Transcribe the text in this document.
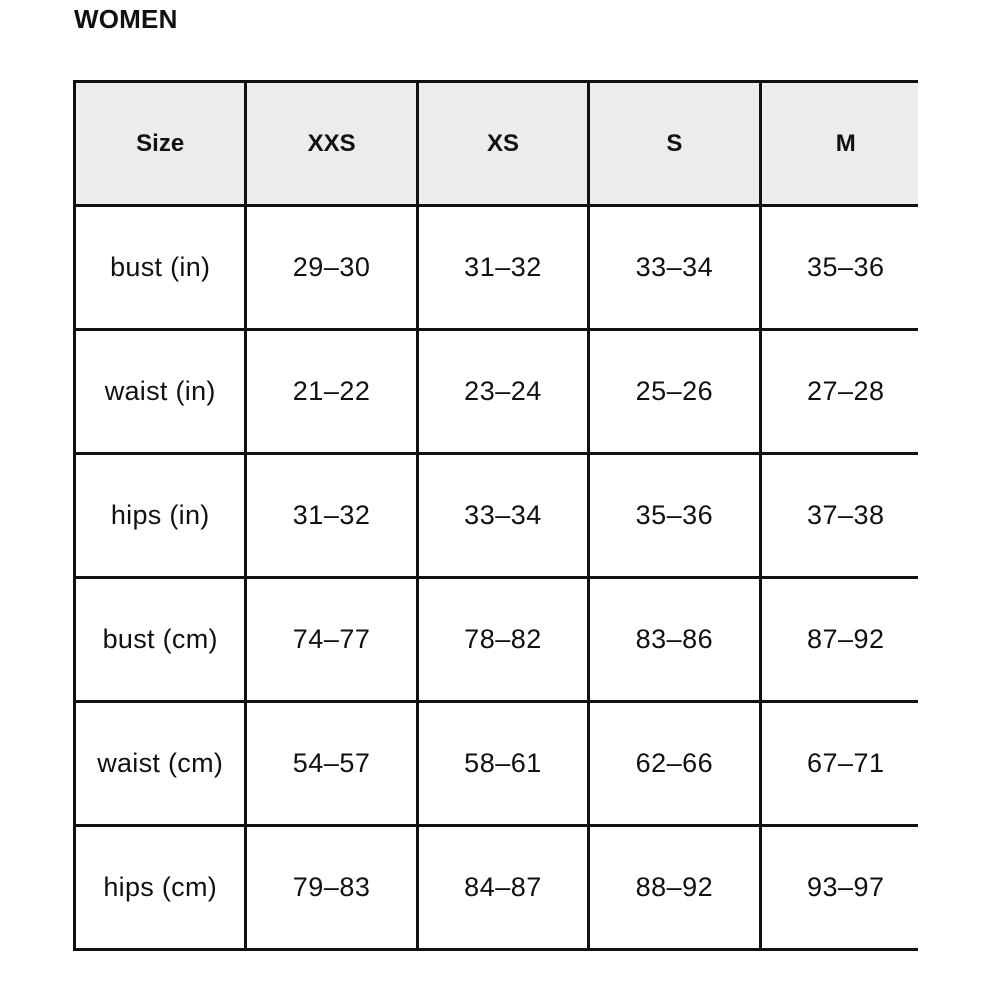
WOMEN
Size	XXS	XS	S	M
bust (in)	29–30	31–32	33–34	35–36
waist (in)	21–22	23–24	25–26	27–28
hips (in)	31–32	33–34	35–36	37–38
bust (cm)	74–77	78–82	83–86	87–92
waist (cm)	54–57	58–61	62–66	67–71
hips (cm)	79–83	84–87	88–92	93–97
